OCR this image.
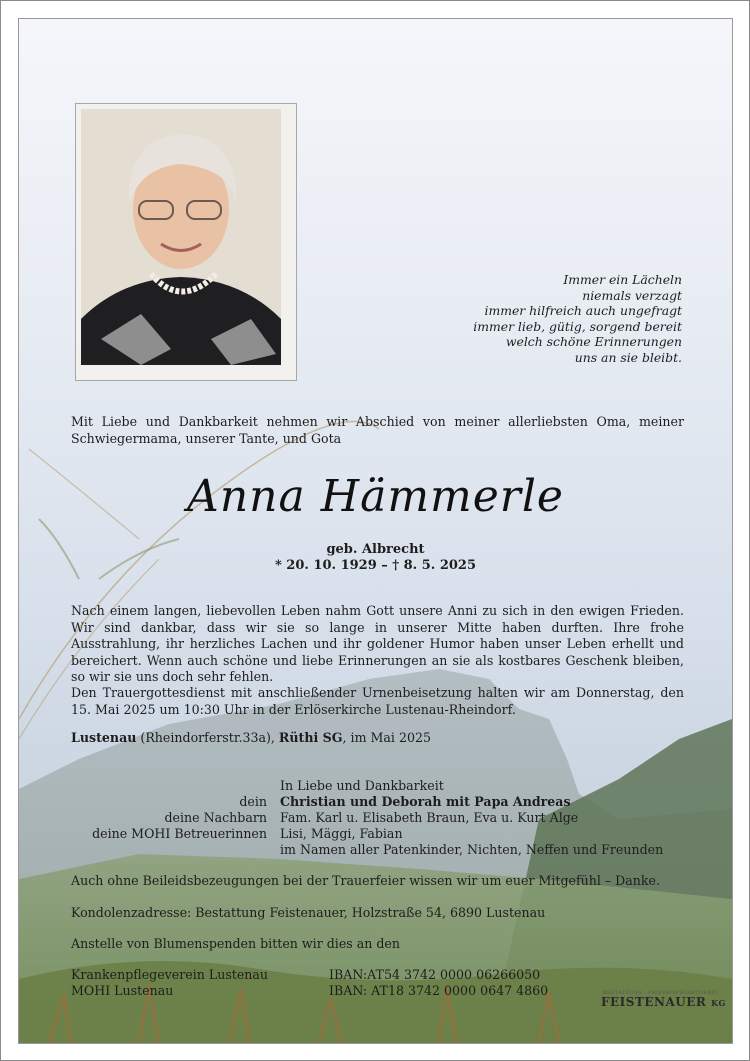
Immer ein Lächeln
niemals verzagt
immer hilfreich auch ungefragt
immer lieb, gütig, sorgend bereit
welch schöne Erinnerungen
uns an sie bleibt.
Mit Liebe und Dankbarkeit nehmen wir Abschied von meiner allerliebsten Oma, meiner Schwiegermama, unserer Tante, und Gota
Anna Hämmerle
geb. Albrecht
* 20. 10. 1929 – † 8. 5. 2025
Nach einem langen, liebevollen Leben nahm Gott unsere Anni zu sich in den ewigen Frieden. Wir sind dankbar, dass wir sie so lange in unserer Mitte haben durften. Ihre frohe Ausstrahlung, ihr herzliches Lachen und ihr goldener Humor haben unser Leben erhellt und bereichert. Wenn auch schöne und liebe Erinnerungen an sie als kostbares Geschenk bleiben, so wir sie uns doch sehr fehlen.
Den Trauergottesdienst mit anschließender Urnenbeisetzung halten wir am Donnerstag, den 15. Mai 2025 um 10:30 Uhr in der Erlöserkirche Lustenau-Rheindorf.
Lustenau (Rheindorferstr.33a), Rüthi SG, im Mai 2025
In Liebe und Dankbarkeit
dein Christian und Deborah mit Papa Andreas
deine Nachbarn Fam. Karl u. Elisabeth Braun, Eva u. Kurt Alge
deine MOHI Betreuerinnen Lisi, Mäggi, Fabian
im Namen aller Patenkinder, Nichten, Neffen und Freunden
Auch ohne Beileidsbezeugungen bei der Trauerfeier wissen wir um euer Mitgefühl – Danke.
Kondolenzadresse: Bestattung Feistenauer, Holzstraße 54, 6890 Lustenau
Anstelle von Blumenspenden bitten wir dies an den
Krankenpflegeverein Lustenau	IBAN:AT54 3742 0000 06266050
MOHI Lustenau	IBAN: AT18 3742 0000 0647 4860	BESTATTUNG · FRIEDHOFSGÄRTNEREI
FEISTENAUER KG
